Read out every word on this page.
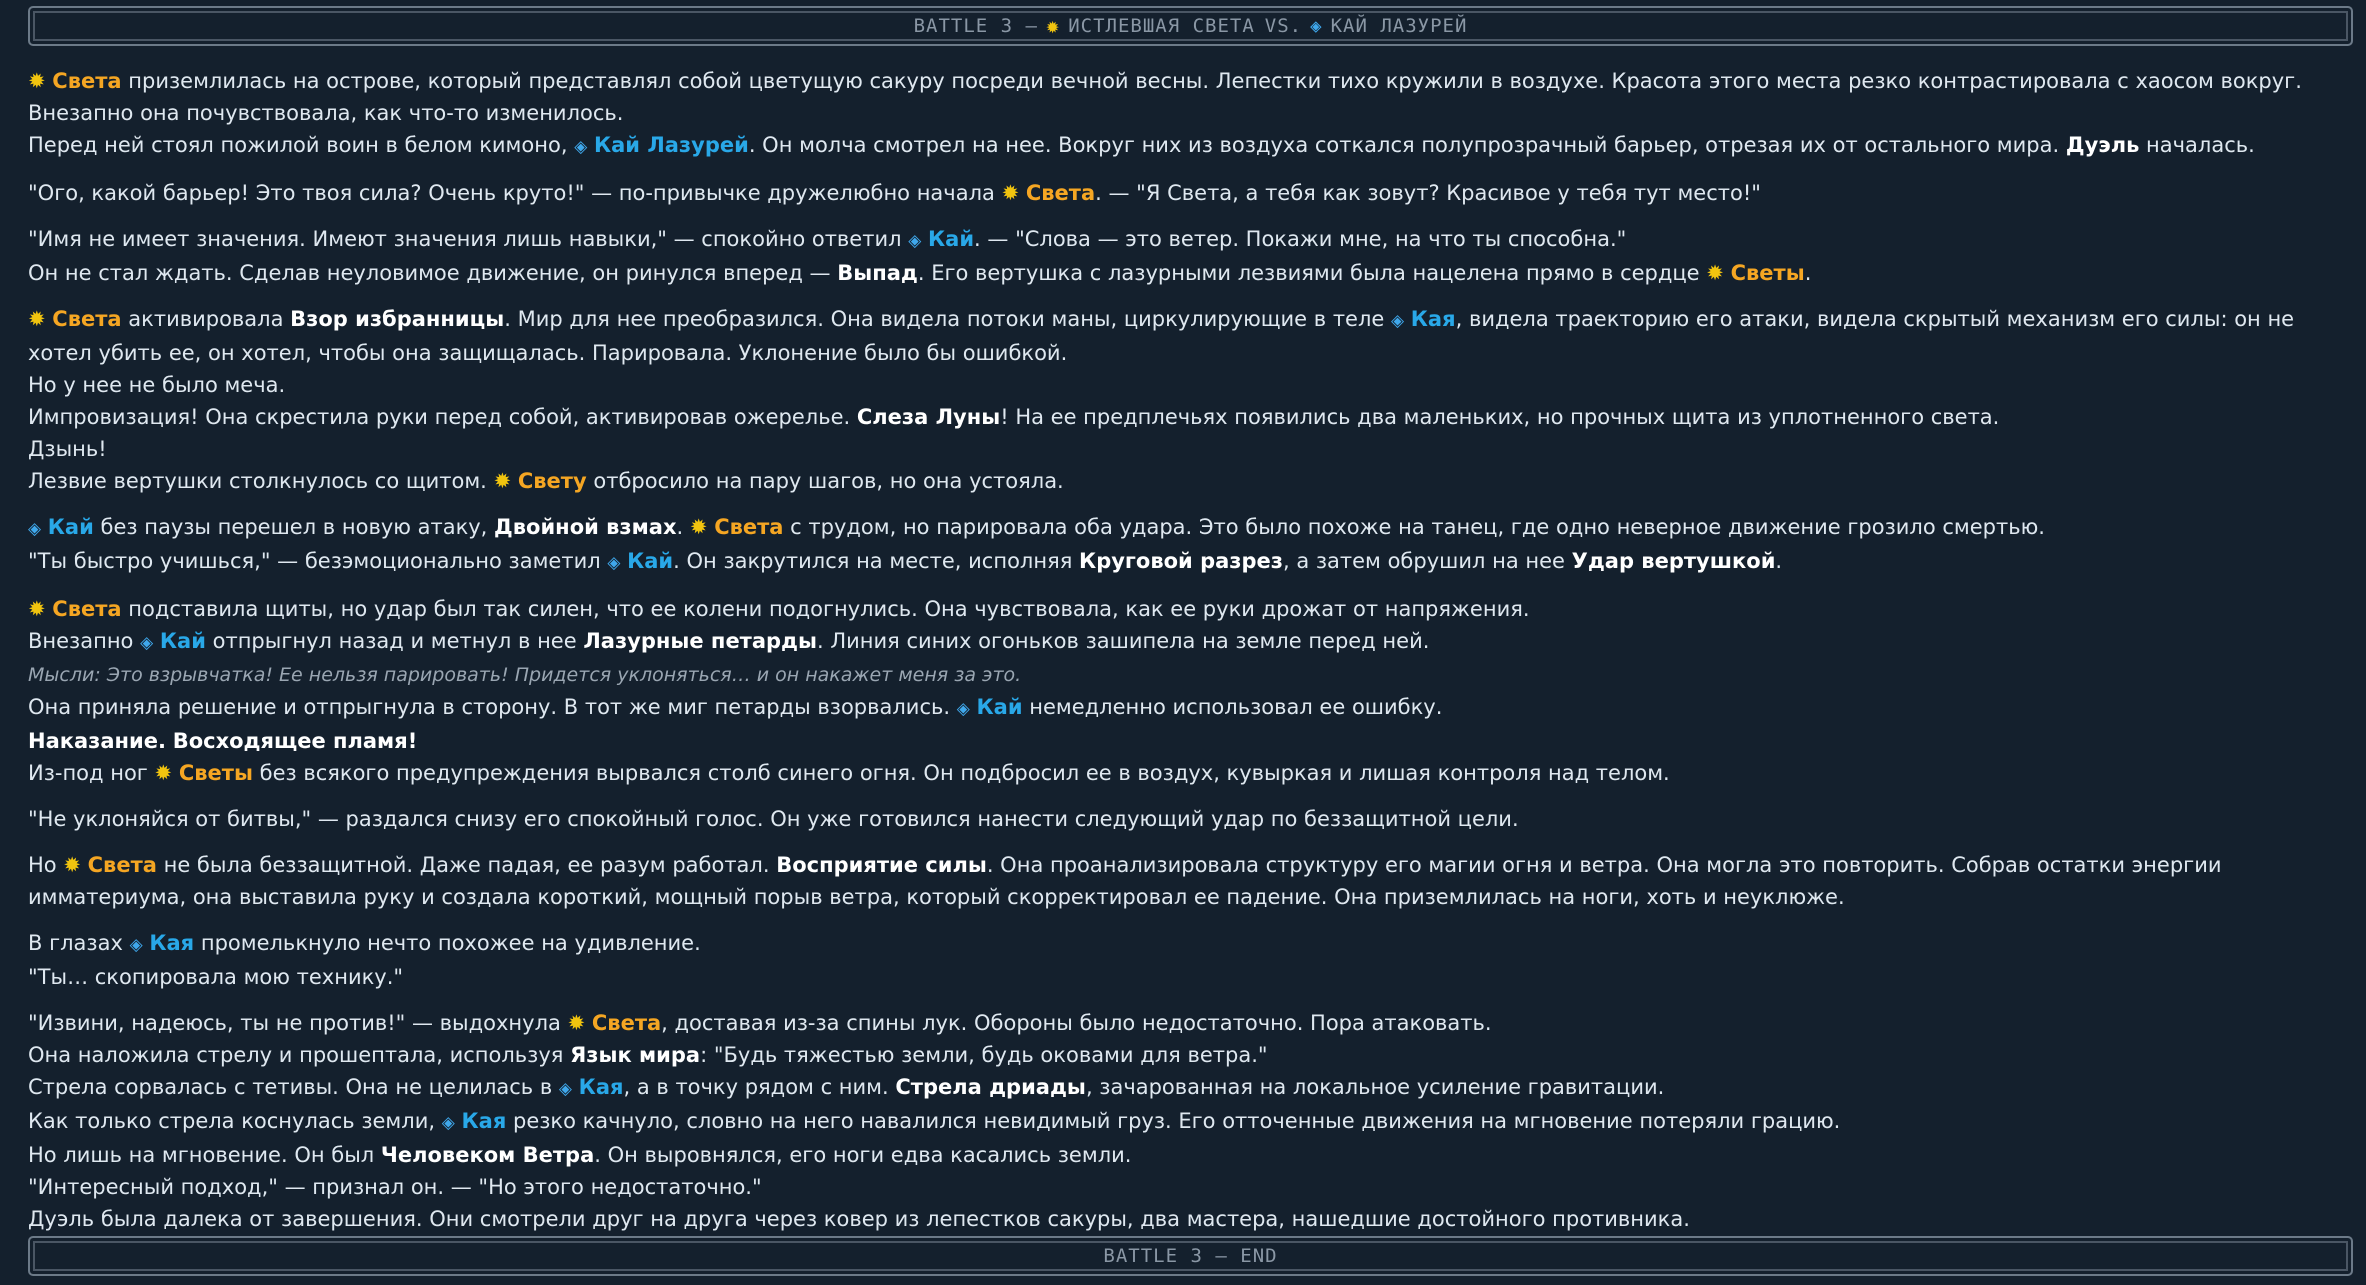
BATTLE 3 – ✹ ИСТЛЕВШАЯ СВЕТА VS. ◈ КАЙ ЛАЗУРЕЙ
✹ Света приземлилась на острове, который представлял собой цветущую сакуру посреди вечной весны. Лепестки тихо кружили в воздухе. Красота этого места резко контрастировала с хаосом вокруг. Внезапно она почувствовала, как что-то изменилось.
Перед ней стоял пожилой воин в белом кимоно, ◈ Кай Лазурей. Он молча смотрел на нее. Вокруг них из воздуха соткался полупрозрачный барьер, отрезая их от остального мира. Дуэль началась.
"Ого, какой барьер! Это твоя сила? Очень круто!" — по-привычке дружелюбно начала ✹ Света. — "Я Света, а тебя как зовут? Красивое у тебя тут место!"
"Имя не имеет значения. Имеют значения лишь навыки," — спокойно ответил ◈ Кай. — "Слова — это ветер. Покажи мне, на что ты способна."
Он не стал ждать. Сделав неуловимое движение, он ринулся вперед — Выпад. Его вертушка с лазурными лезвиями была нацелена прямо в сердце ✹ Светы.
✹ Света активировала Взор избранницы. Мир для нее преобразился. Она видела потоки маны, циркулирующие в теле ◈ Кая, видела траекторию его атаки, видела скрытый механизм его силы: он не хотел убить ее, он хотел, чтобы она защищалась. Парировала. Уклонение было бы ошибкой.
Но у нее не было меча.
Импровизация! Она скрестила руки перед собой, активировав ожерелье. Слеза Луны! На ее предплечьях появились два маленьких, но прочных щита из уплотненного света.
Дзынь!
Лезвие вертушки столкнулось со щитом. ✹ Свету отбросило на пару шагов, но она устояла.
◈ Кай без паузы перешел в новую атаку, Двойной взмах. ✹ Света с трудом, но парировала оба удара. Это было похоже на танец, где одно неверное движение грозило смертью.
"Ты быстро учишься," — безэмоционально заметил ◈ Кай. Он закрутился на месте, исполняя Круговой разрез, а затем обрушил на нее Удар вертушкой.
✹ Света подставила щиты, но удар был так силен, что ее колени подогнулись. Она чувствовала, как ее руки дрожат от напряжения.
Внезапно ◈ Кай отпрыгнул назад и метнул в нее Лазурные петарды. Линия синих огоньков зашипела на земле перед ней.
Мысли: Это взрывчатка! Ее нельзя парировать! Придется уклоняться… и он накажет меня за это.
Она приняла решение и отпрыгнула в сторону. В тот же миг петарды взорвались. ◈ Кай немедленно использовал ее ошибку.
Наказание. Восходящее пламя!
Из-под ног ✹ Светы без всякого предупреждения вырвался столб синего огня. Он подбросил ее в воздух, кувыркая и лишая контроля над телом.
"Не уклоняйся от битвы," — раздался снизу его спокойный голос. Он уже готовился нанести следующий удар по беззащитной цели.
Но ✹ Света не была беззащитной. Даже падая, ее разум работал. Восприятие силы. Она проанализировала структуру его магии огня и ветра. Она могла это повторить. Собрав остатки энергии имматериума, она выставила руку и создала короткий, мощный порыв ветра, который скорректировал ее падение. Она приземлилась на ноги, хоть и неуклюже.
В глазах ◈ Кая промелькнуло нечто похожее на удивление.
"Ты… скопировала мою технику."
"Извини, надеюсь, ты не против!" — выдохнула ✹ Света, доставая из-за спины лук. Обороны было недостаточно. Пора атаковать.
Она наложила стрелу и прошептала, используя Язык мира: "Будь тяжестью земли, будь оковами для ветра."
Стрела сорвалась с тетивы. Она не целилась в ◈ Кая, а в точку рядом с ним. Стрела дриады, зачарованная на локальное усиление гравитации.
Как только стрела коснулась земли, ◈ Кая резко качнуло, словно на него навалился невидимый груз. Его отточенные движения на мгновение потеряли грацию.
Но лишь на мгновение. Он был Человеком Ветра. Он выровнялся, его ноги едва касались земли.
"Интересный подход," — признал он. — "Но этого недостаточно."
Дуэль была далека от завершения. Они смотрели друг на друга через ковер из лепестков сакуры, два мастера, нашедшие достойного противника.
BATTLE 3 – END
